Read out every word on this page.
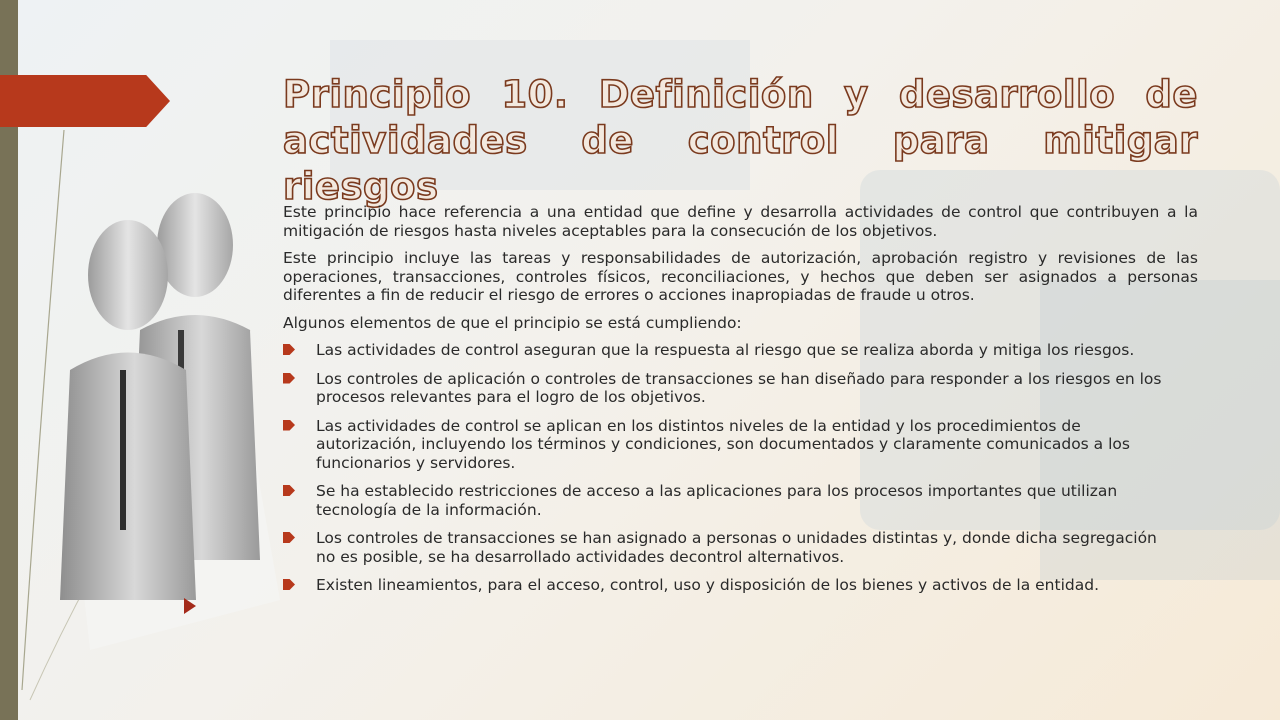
Principio 10. Definición y desarrollo de actividades de control para mitigar riesgos

Este principio hace referencia a una entidad que define y desarrolla actividades de control que contribuyen a la mitigación de riesgos hasta niveles aceptables para la consecución de los objetivos.

Este principio incluye las tareas y responsabilidades de autorización, aprobación registro y revisiones de las operaciones, transacciones, controles físicos, reconciliaciones, y hechos que deben ser asignados a personas diferentes a fin de reducir el riesgo de errores o acciones inapropiadas de fraude u otros.

Algunos elementos de que el principio se está cumpliendo:

Las actividades de control aseguran que la respuesta al riesgo que se realiza aborda y mitiga los riesgos.
Los controles de aplicación o controles de transacciones se han diseñado para responder a los riesgos en los procesos relevantes para el logro de los objetivos.
Las actividades de control se aplican en los distintos niveles de la entidad y los procedimientos de autorización, incluyendo los términos y condiciones, son documentados y claramente comunicados a los funcionarios y servidores.
Se ha establecido restricciones de acceso a las aplicaciones para los procesos importantes que utilizan tecnología de la información.
Los controles de transacciones se han asignado a personas o unidades distintas y, donde dicha segregación no es posible, se ha desarrollado actividades decontrol alternativos.
Existen lineamientos, para el acceso, control, uso y disposición de los bienes y activos de la entidad.
